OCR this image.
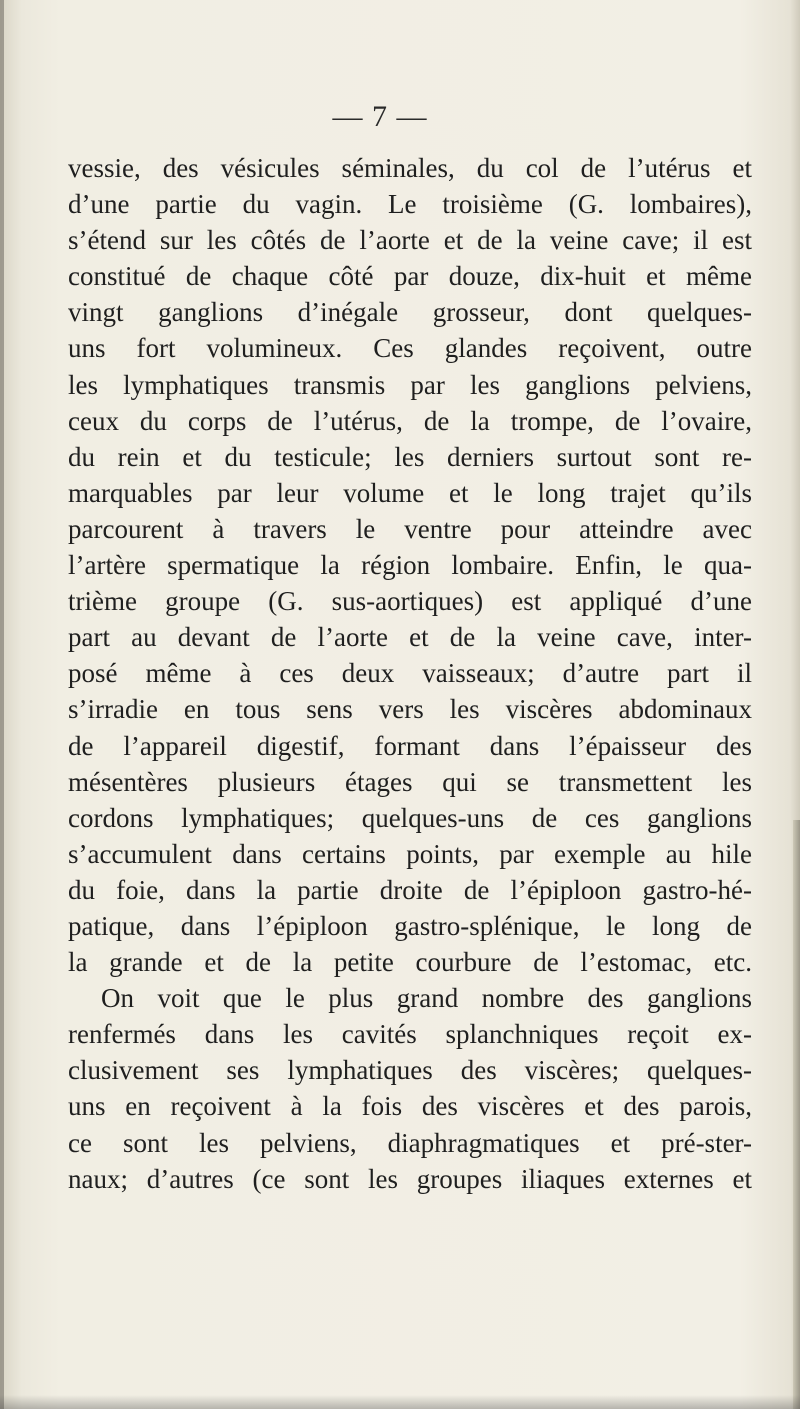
— 7 —
vessie, des vésicules séminales, du col de l’utérus et
d’une partie du vagin. Le troisième (G. lombaires),
s’étend sur les côtés de l’aorte et de la veine cave; il est
constitué de chaque côté par douze, dix-huit et même
vingt ganglions d’inégale grosseur, dont quelques-
uns fort volumineux. Ces glandes reçoivent, outre
les lymphatiques transmis par les ganglions pelviens,
ceux du corps de l’utérus, de la trompe, de l’ovaire,
du rein et du testicule; les derniers surtout sont re-
marquables par leur volume et le long trajet qu’ils
parcourent à travers le ventre pour atteindre avec
l’artère spermatique la région lombaire. Enfin, le qua-
trième groupe (G. sus-aortiques) est appliqué d’une
part au devant de l’aorte et de la veine cave, inter-
posé même à ces deux vaisseaux; d’autre part il
s’irradie en tous sens vers les viscères abdominaux
de l’appareil digestif, formant dans l’épaisseur des
mésentères plusieurs étages qui se transmettent les
cordons lymphatiques; quelques-uns de ces ganglions
s’accumulent dans certains points, par exemple au hile
du foie, dans la partie droite de l’épiploon gastro-hé-
patique, dans l’épiploon gastro-splénique, le long de
la grande et de la petite courbure de l’estomac, etc.
On voit que le plus grand nombre des ganglions
renfermés dans les cavités splanchniques reçoit ex-
clusivement ses lymphatiques des viscères; quelques-
uns en reçoivent à la fois des viscères et des parois,
ce sont les pelviens, diaphragmatiques et pré-ster-
naux; d’autres (ce sont les groupes iliaques externes et
